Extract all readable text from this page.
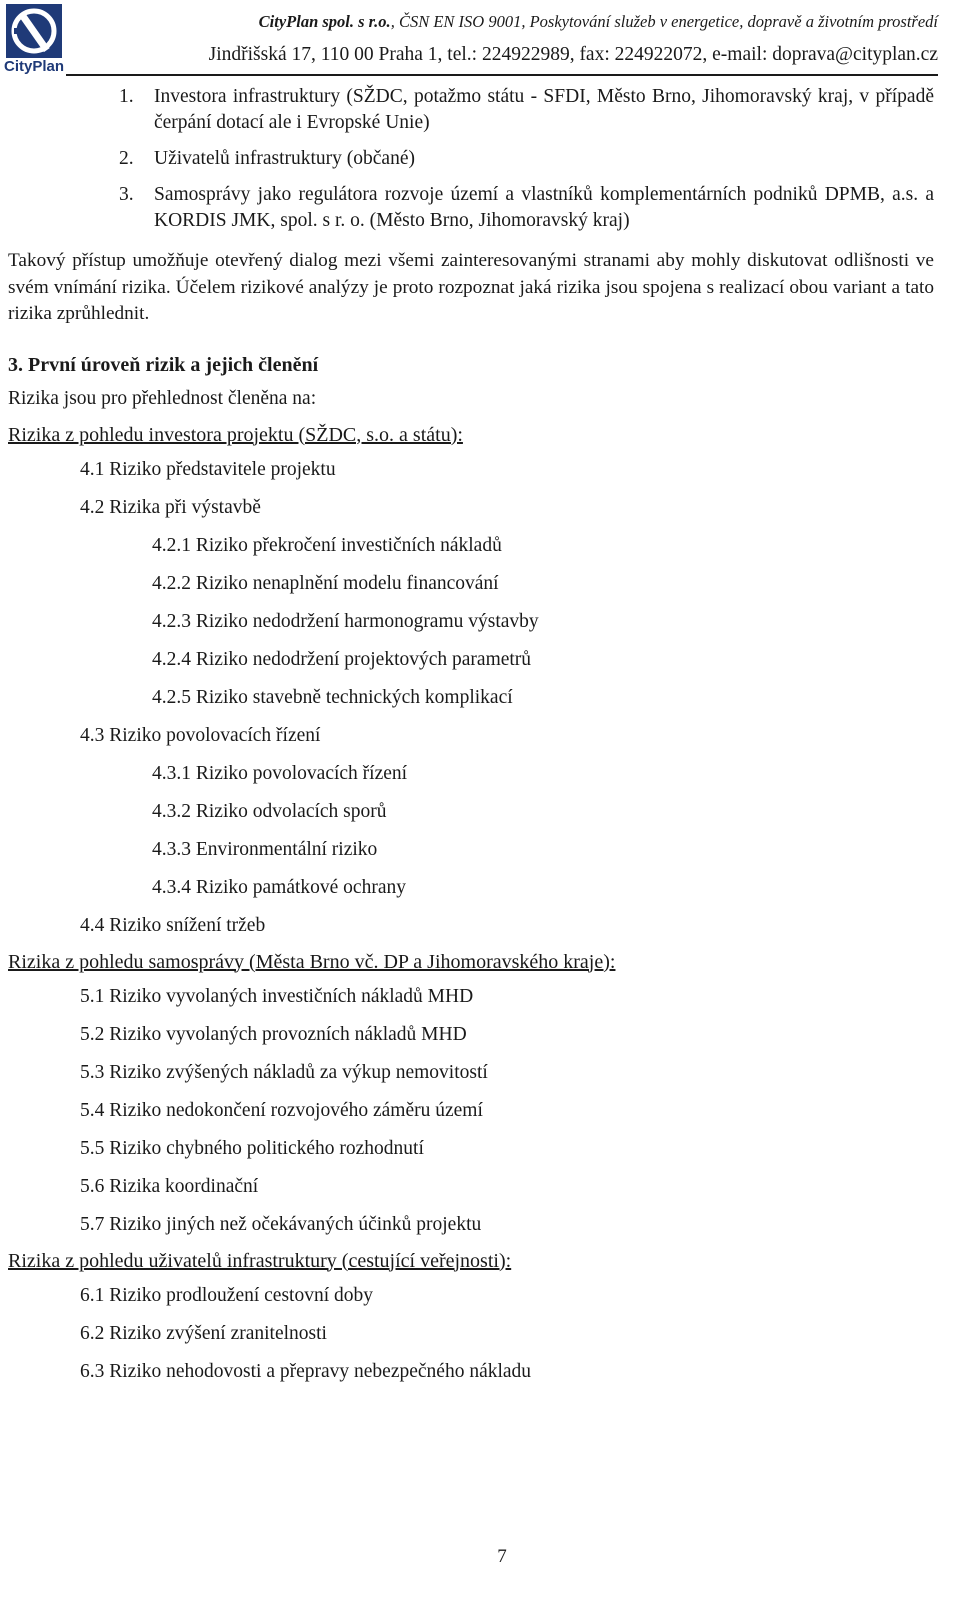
CityPlan
CityPlan spol. s r.o., ČSN EN ISO 9001, Poskytování služeb v energetice, dopravě a životním prostředí
Jindřišská 17, 110 00 Praha 1, tel.: 224922989, fax: 224922072, e-mail: doprava@cityplan.cz
1. Investora infrastruktury (SŽDC, potažmo státu - SFDI, Město Brno, Jihomoravský kraj, v případě čerpání dotací ale i Evropské Unie)
2. Uživatelů infrastruktury (občané)
3. Samosprávy jako regulátora rozvoje území a vlastníků komplementárních podniků DPMB, a.s. a KORDIS JMK, spol. s r. o. (Město Brno, Jihomoravský kraj)
Takový přístup umožňuje otevřený dialog mezi všemi zainteresovanými stranami aby mohly diskutovat odlišnosti ve svém vnímání rizika. Účelem rizikové analýzy je proto rozpoznat jaká rizika jsou spojena s realizací obou variant a tato rizika zprůhlednit.
3. První úroveň rizik a jejich členění
Rizika jsou pro přehlednost členěna na:
Rizika z pohledu investora projektu (SŽDC, s.o. a státu):
4.1 Riziko představitele projektu
4.2 Rizika při výstavbě
4.2.1 Riziko překročení investičních nákladů
4.2.2 Riziko nenaplnění modelu financování
4.2.3 Riziko nedodržení harmonogramu výstavby
4.2.4 Riziko nedodržení projektových parametrů
4.2.5 Riziko stavebně technických komplikací
4.3 Riziko povolovacích řízení
4.3.1 Riziko povolovacích řízení
4.3.2 Riziko odvolacích sporů
4.3.3 Environmentální riziko
4.3.4 Riziko památkové ochrany
4.4 Riziko snížení tržeb
Rizika z pohledu samosprávy (Města Brno vč. DP a Jihomoravského kraje):
5.1 Riziko vyvolaných investičních nákladů MHD
5.2 Riziko vyvolaných provozních nákladů MHD
5.3 Riziko zvýšených nákladů za výkup nemovitostí
5.4 Riziko nedokončení rozvojového záměru území
5.5 Riziko chybného politického rozhodnutí
5.6 Rizika koordinační
5.7 Riziko jiných než očekávaných účinků projektu
Rizika z pohledu uživatelů infrastruktury (cestující veřejnosti):
6.1 Riziko prodloužení cestovní doby
6.2 Riziko zvýšení zranitelnosti
6.3 Riziko nehodovosti a přepravy nebezpečného nákladu
7
